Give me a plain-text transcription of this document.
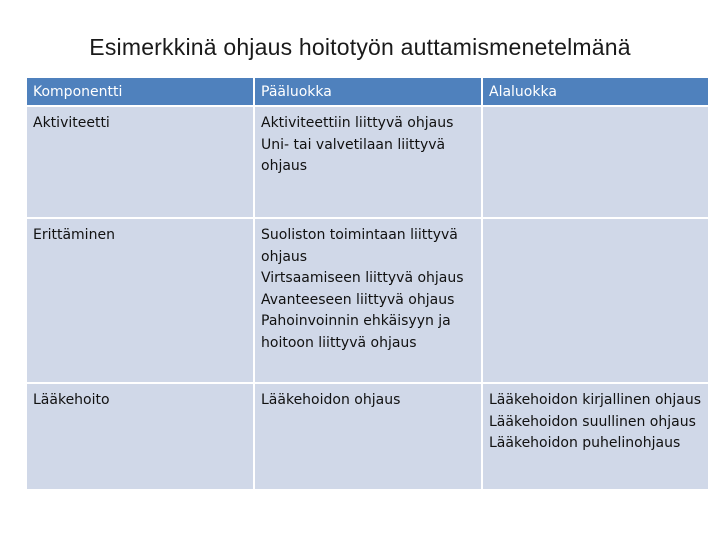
Esimerkkinä ohjaus hoitotyön auttamismenetelmänä
Komponentti	Pääluokka	Alaluokka
Aktiviteetti	Aktiviteettiin liittyvä ohjaus
Uni- tai valvetilaan liittyvä ohjaus	

Erittäminen	Suoliston toimintaan liittyvä ohjaus
Virtsaamiseen liittyvä ohjaus
Avanteeseen liittyvä ohjaus
Pahoinvoinnin ehkäisyyn ja hoitoon liittyvä ohjaus	

Lääkehoito	Lääkehoidon ohjaus	Lääkehoidon kirjallinen ohjaus
Lääkehoidon suullinen ohjaus
Lääkehoidon puhelinohjaus
